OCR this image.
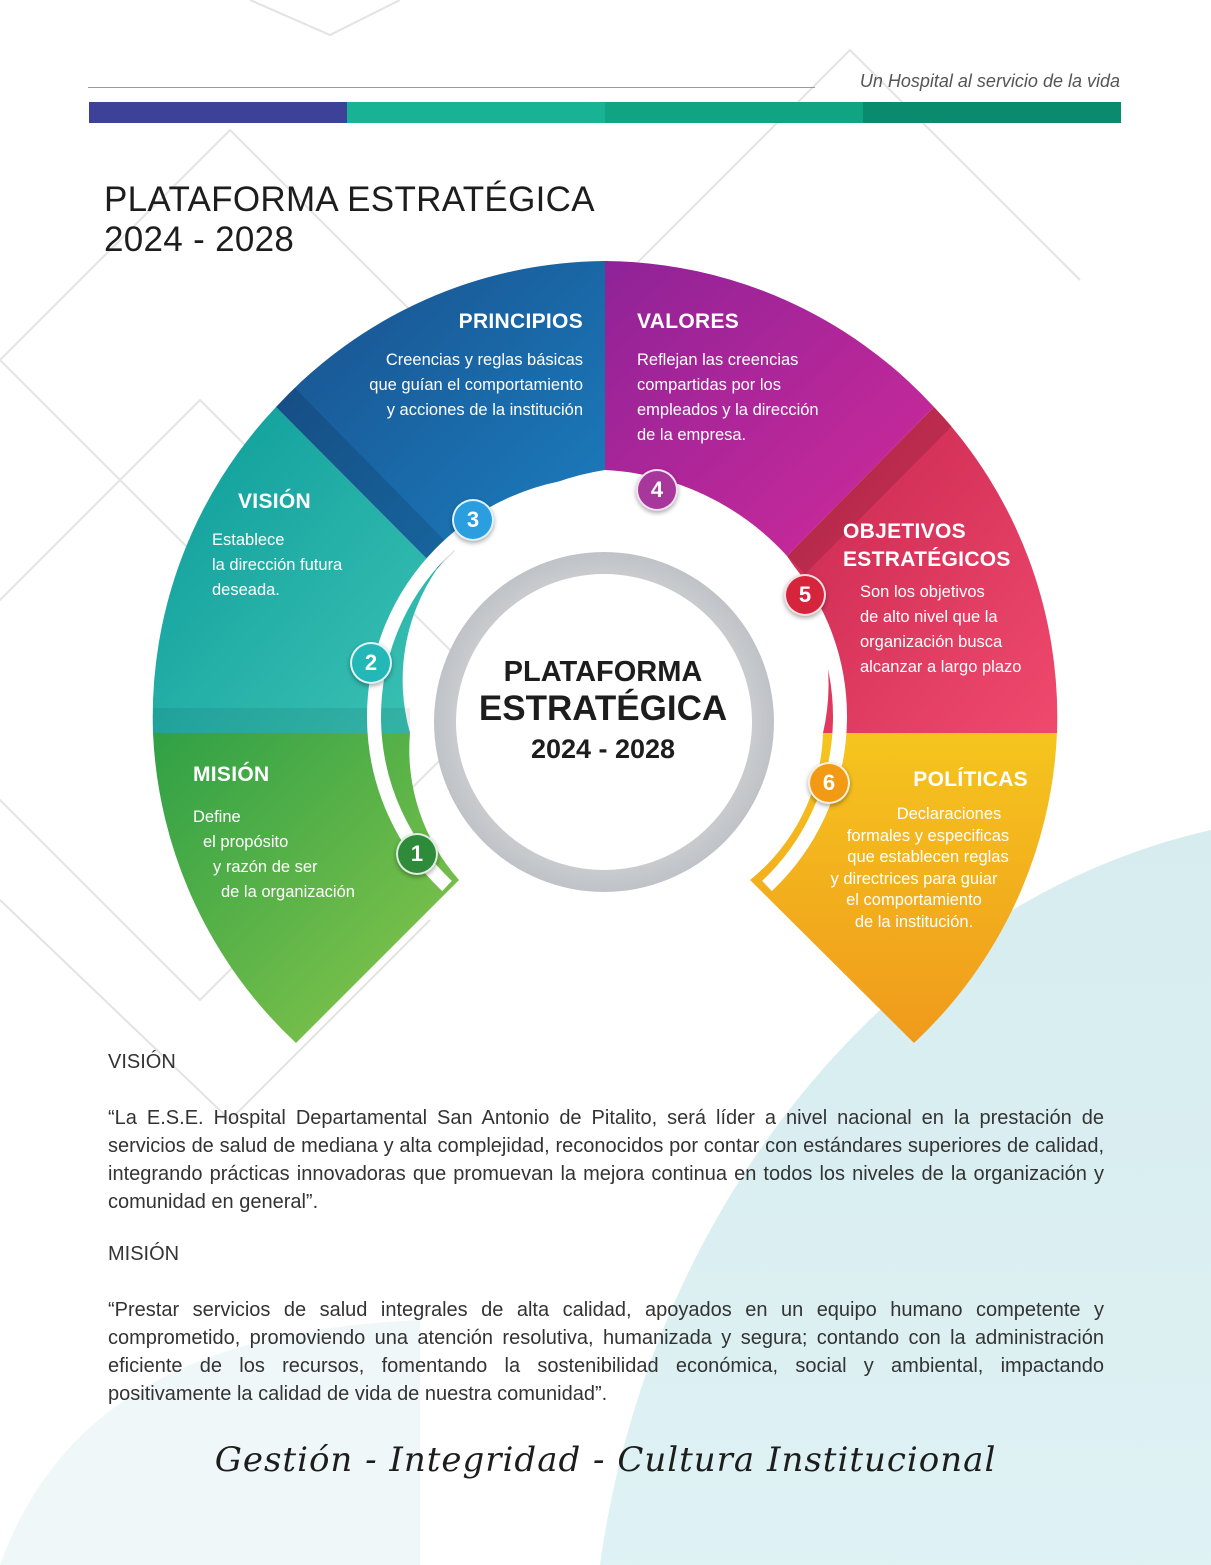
Un Hospital al servicio de la vida
PLATAFORMA ESTRATÉGICA
2024 - 2028
1
2
3
4
5
6
MISIÓN
Define
el propósito
y razón de ser
de la organización
VISIÓN
Establece
la dirección futura
deseada.
PRINCIPIOS
Creencias y reglas básicas
que guían el comportamiento
y acciones de la institución
VALORES
Reflejan las creencias
compartidas por los
empleados y la dirección
de la empresa.
OBJETIVOS
ESTRATÉGICOS
Son los objetivos
de alto nivel que la
organización busca
alcanzar a largo plazo
POLÍTICAS
Declaraciones
formales y especificas
que establecen reglas
y directrices para guiar
el comportamiento
de la institución.
PLATAFORMA
ESTRATÉGICA
2024 - 2028
VISIÓN
“La E.S.E. Hospital Departamental San Antonio de Pitalito, será líder a nivel nacional en la prestación de servicios de salud de mediana y alta complejidad, reconocidos por contar con estándares superiores de calidad, integrando prácticas innovadoras que promuevan la mejora continua en todos los niveles de la organización y comunidad en general”.
MISIÓN
“Prestar servicios de salud integrales de alta calidad, apoyados en un equipo humano competente y comprometido, promoviendo una atención resolutiva, humanizada y segura; contando con la administración eficiente de los recursos, fomentando la sostenibilidad económica, social y ambiental, impactando positivamente la calidad de vida de nuestra comunidad”.
Gestión - Integridad - Cultura Institucional
